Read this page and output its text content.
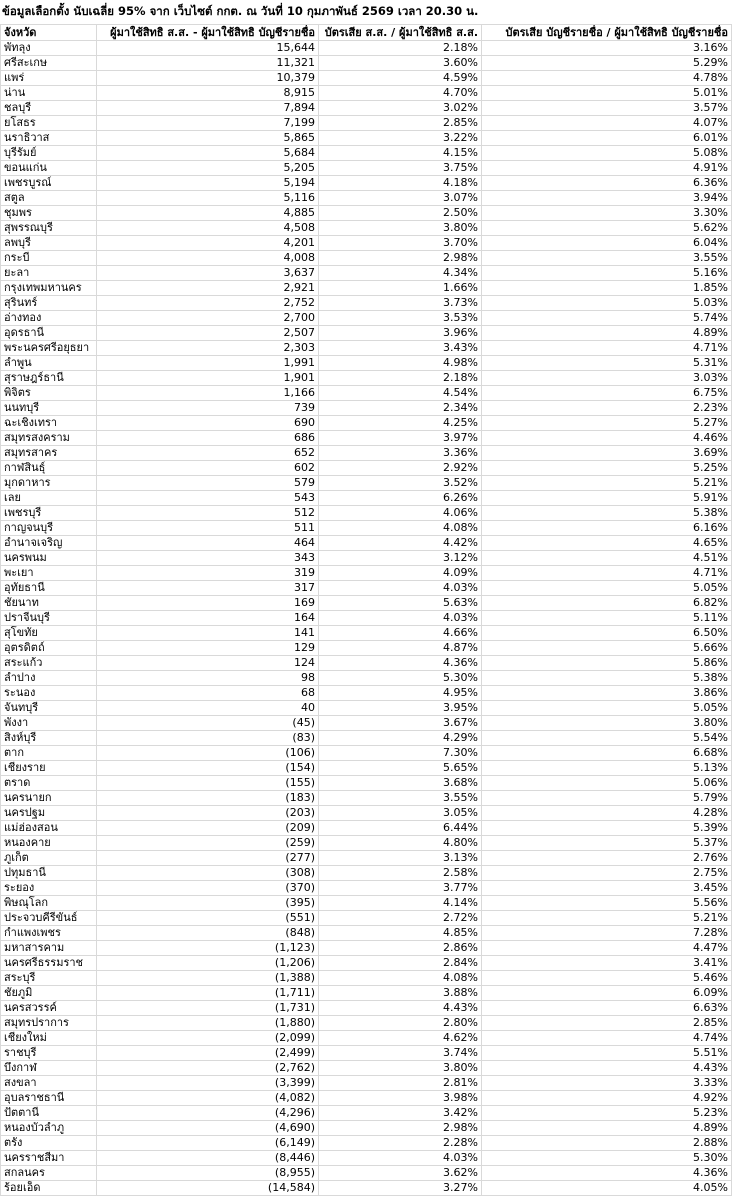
ข้อมูลเลือกตั้ง นับเฉลี่ย 95% จาก เว็บไซต์ กกต. ณ วันที่ 10 กุมภาพันธ์ 2569 เวลา 20.30 น.
จังหวัด	ผู้มาใช้สิทธิ ส.ส. - ผู้มาใช้สิทธิ บัญชีรายชื่อ	บัตรเสีย ส.ส. / ผู้มาใช้สิทธิ ส.ส.	บัตรเสีย บัญชีรายชื่อ / ผู้มาใช้สิทธิ บัญชีรายชื่อ
พัทลุง	15,644	2.18%	3.16%
ศรีสะเกษ	11,321	3.60%	5.29%
แพร่	10,379	4.59%	4.78%
น่าน	8,915	4.70%	5.01%
ชลบุรี	7,894	3.02%	3.57%
ยโสธร	7,199	2.85%	4.07%
นราธิวาส	5,865	3.22%	6.01%
บุรีรัมย์	5,684	4.15%	5.08%
ขอนแก่น	5,205	3.75%	4.91%
เพชรบูรณ์	5,194	4.18%	6.36%
สตูล	5,116	3.07%	3.94%
ชุมพร	4,885	2.50%	3.30%
สุพรรณบุรี	4,508	3.80%	5.62%
ลพบุรี	4,201	3.70%	6.04%
กระบี่	4,008	2.98%	3.55%
ยะลา	3,637	4.34%	5.16%
กรุงเทพมหานคร	2,921	1.66%	1.85%
สุรินทร์	2,752	3.73%	5.03%
อ่างทอง	2,700	3.53%	5.74%
อุดรธานี	2,507	3.96%	4.89%
พระนครศรีอยุธยา	2,303	3.43%	4.71%
ลำพูน	1,991	4.98%	5.31%
สุราษฎร์ธานี	1,901	2.18%	3.03%
พิจิตร	1,166	4.54%	6.75%
นนทบุรี	739	2.34%	2.23%
ฉะเชิงเทรา	690	4.25%	5.27%
สมุทรสงคราม	686	3.97%	4.46%
สมุทรสาคร	652	3.36%	3.69%
กาฬสินธุ์	602	2.92%	5.25%
มุกดาหาร	579	3.52%	5.21%
เลย	543	6.26%	5.91%
เพชรบุรี	512	4.06%	5.38%
กาญจนบุรี	511	4.08%	6.16%
อำนาจเจริญ	464	4.42%	4.65%
นครพนม	343	3.12%	4.51%
พะเยา	319	4.09%	4.71%
อุทัยธานี	317	4.03%	5.05%
ชัยนาท	169	5.63%	6.82%
ปราจีนบุรี	164	4.03%	5.11%
สุโขทัย	141	4.66%	6.50%
อุตรดิตถ์	129	4.87%	5.66%
สระแก้ว	124	4.36%	5.86%
ลำปาง	98	5.30%	5.38%
ระนอง	68	4.95%	3.86%
จันทบุรี	40	3.95%	5.05%
พังงา	(45)	3.67%	3.80%
สิงห์บุรี	(83)	4.29%	5.54%
ตาก	(106)	7.30%	6.68%
เชียงราย	(154)	5.65%	5.13%
ตราด	(155)	3.68%	5.06%
นครนายก	(183)	3.55%	5.79%
นครปฐม	(203)	3.05%	4.28%
แม่ฮ่องสอน	(209)	6.44%	5.39%
หนองคาย	(259)	4.80%	5.37%
ภูเก็ต	(277)	3.13%	2.76%
ปทุมธานี	(308)	2.58%	2.75%
ระยอง	(370)	3.77%	3.45%
พิษณุโลก	(395)	4.14%	5.56%
ประจวบคีรีขันธ์	(551)	2.72%	5.21%
กำแพงเพชร	(848)	4.85%	7.28%
มหาสารคาม	(1,123)	2.86%	4.47%
นครศรีธรรมราช	(1,206)	2.84%	3.41%
สระบุรี	(1,388)	4.08%	5.46%
ชัยภูมิ	(1,711)	3.88%	6.09%
นครสวรรค์	(1,731)	4.43%	6.63%
สมุทรปราการ	(1,880)	2.80%	2.85%
เชียงใหม่	(2,099)	4.62%	4.74%
ราชบุรี	(2,499)	3.74%	5.51%
บึงกาฬ	(2,762)	3.80%	4.43%
สงขลา	(3,399)	2.81%	3.33%
อุบลราชธานี	(4,082)	3.98%	4.92%
ปัตตานี	(4,296)	3.42%	5.23%
หนองบัวลำภู	(4,690)	2.98%	4.89%
ตรัง	(6,149)	2.28%	2.88%
นครราชสีมา	(8,446)	4.03%	5.30%
สกลนคร	(8,955)	3.62%	4.36%
ร้อยเอ็ด	(14,584)	3.27%	4.05%
